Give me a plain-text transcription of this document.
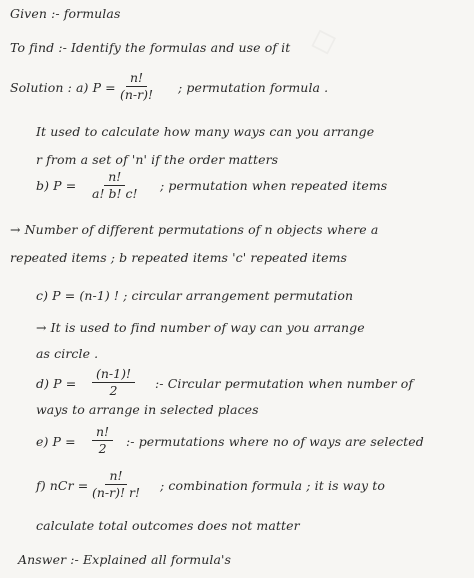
Given :- formulas
To find :- Identify the formulas and use of it
Solution : a) $P = \frac{n!}{(n-r)!}$ ; permutation formula .
It used to calculate how many ways can you arrange
r from a set of 'n' if the order matters
b) $P = \frac{n!}{a! b! c!}$ ; permutation when repeated items
→ Number of different permutations of n objects where a
repeated items ; b repeated items 'c' repeated items
c) P = (n-1) ! ; circular arrangement permutation
→ It is used to find number of way can you arrange
as circle .
d) $P = \frac{(n-1)!}{2}$ :- Circular permutation when number of
ways to arrange in selected places
e) $P = \frac{n!}{2}$ :- permutations where no of ways are selected
f) nCr = $\frac{n!}{(n-r)! r!}$ ; combination formula ; it is way to
calculate total outcomes does not matter
Answer :- Explained all formula's
